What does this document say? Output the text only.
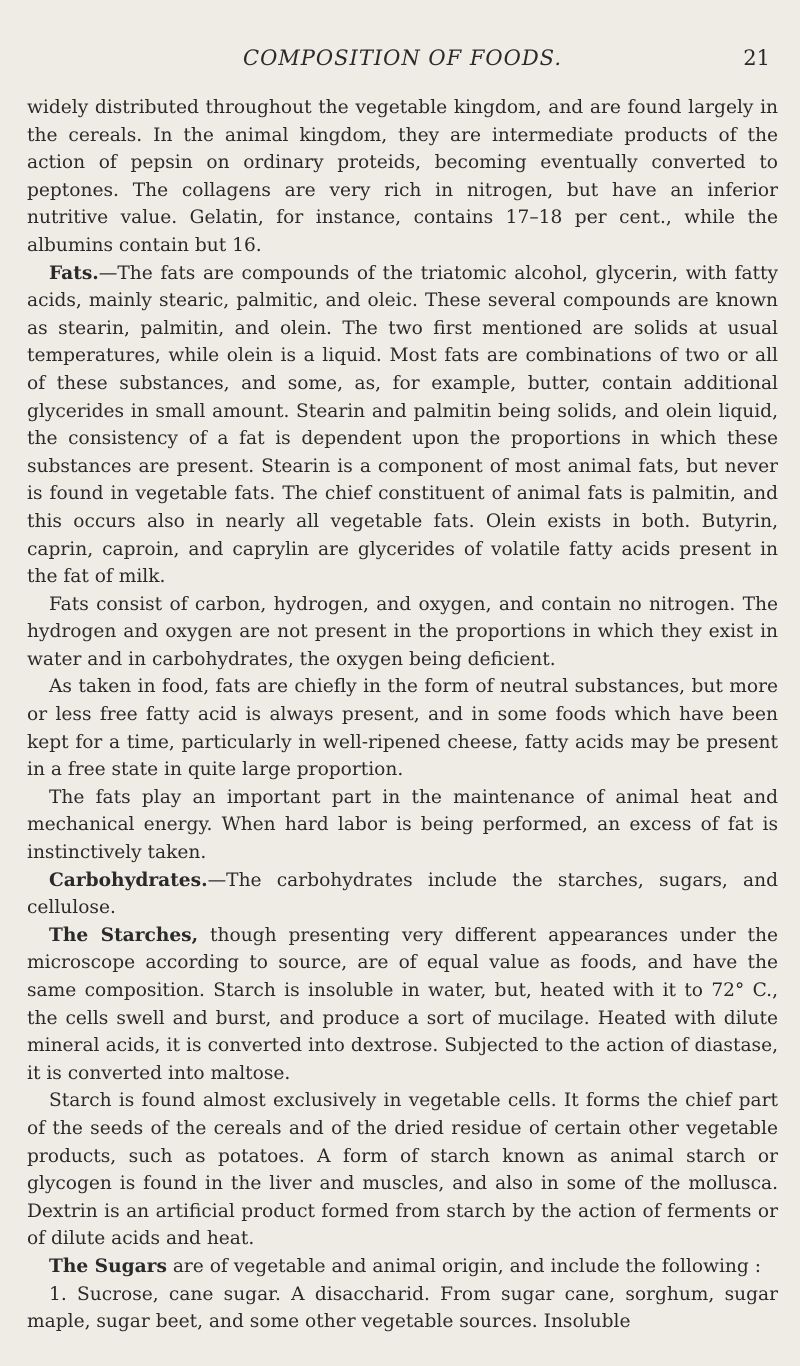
COMPOSITION OF FOODS.	21

widely distributed throughout the vegetable kingdom, and are found largely in the cereals. In the animal kingdom, they are intermediate products of the action of pepsin on ordinary proteids, becoming eventually converted to peptones. The collagens are very rich in nitrogen, but have an inferior nutritive value. Gelatin, for instance, contains 17–18 per cent., while the albumins contain but 16.

Fats.—The fats are compounds of the triatomic alcohol, glycerin, with fatty acids, mainly stearic, palmitic, and oleic. These several compounds are known as stearin, palmitin, and olein. The two first mentioned are solids at usual temperatures, while olein is a liquid. Most fats are combinations of two or all of these substances, and some, as, for example, butter, contain additional glycerides in small amount. Stearin and palmitin being solids, and olein liquid, the consistency of a fat is dependent upon the proportions in which these substances are present. Stearin is a component of most animal fats, but never is found in vegetable fats. The chief constituent of animal fats is palmitin, and this occurs also in nearly all vegetable fats. Olein exists in both. Butyrin, caprin, caproin, and caprylin are glycerides of volatile fatty acids present in the fat of milk.

Fats consist of carbon, hydrogen, and oxygen, and contain no nitrogen. The hydrogen and oxygen are not present in the proportions in which they exist in water and in carbohydrates, the oxygen being deficient.

As taken in food, fats are chiefly in the form of neutral substances, but more or less free fatty acid is always present, and in some foods which have been kept for a time, particularly in well-ripened cheese, fatty acids may be present in a free state in quite large proportion.

The fats play an important part in the maintenance of animal heat and mechanical energy. When hard labor is being performed, an excess of fat is instinctively taken.

Carbohydrates.—The carbohydrates include the starches, sugars, and cellulose.

The Starches, though presenting very different appearances under the microscope according to source, are of equal value as foods, and have the same composition. Starch is insoluble in water, but, heated with it to 72° C., the cells swell and burst, and produce a sort of mucilage. Heated with dilute mineral acids, it is converted into dextrose. Subjected to the action of diastase, it is converted into maltose.

Starch is found almost exclusively in vegetable cells. It forms the chief part of the seeds of the cereals and of the dried residue of certain other vegetable products, such as potatoes. A form of starch known as animal starch or glycogen is found in the liver and muscles, and also in some of the mollusca. Dextrin is an artificial product formed from starch by the action of ferments or of dilute acids and heat.

The Sugars are of vegetable and animal origin, and include the following :

1. Sucrose, cane sugar. A disaccharid. From sugar cane, sorghum, sugar maple, sugar beet, and some other vegetable sources. Insoluble
